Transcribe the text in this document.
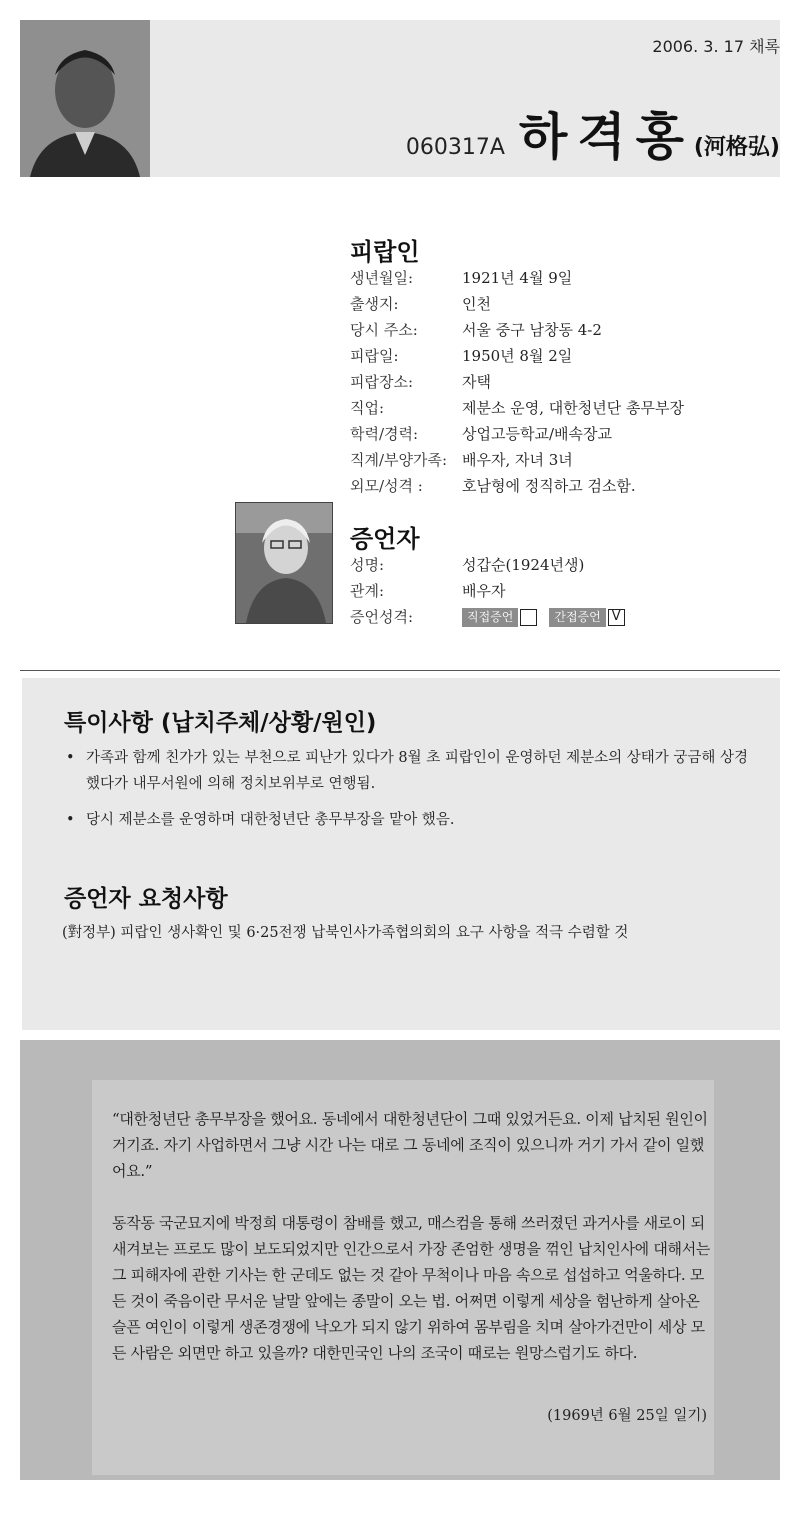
2006. 3. 17 채록
060317A 하격홍 (河格弘)
피랍인
생년월일:	1921년 4월 9일
출생지:	인천
당시 주소:	서울 중구 남창동 4-2
피랍일:	1950년 8월 2일
피랍장소:	자택
직업:	제분소 운영, 대한청년단 총무부장
학력/경력:	상업고등학교/배속장교
직계/부양가족: 배우자, 자녀 3녀
외모/성격 :	호남형에 정직하고 검소함.
증언자
성명:	성갑순(1924년생)
관계:	배우자
증언성격:	직접증언	간접증언 V
특이사항 (납치주체/상황/원인)
• 가족과 함께 친가가 있는 부천으로 피난가 있다가 8월 초 피랍인이 운영하던 제분소의 상태가 궁금해 상경했다가 내무서원에 의해 정치보위부로 연행됨.
• 당시 제분소를 운영하며 대한청년단 총무부장을 맡아 했음.
증언자 요청사항
(對정부) 피랍인 생사확인 및 6·25전쟁 납북인사가족협의회의 요구 사항을 적극 수렴할 것

“대한청년단 총무부장을 했어요. 동네에서 대한청년단이 그때 있었거든요. 이제 납치된 원인이 거기죠. 자기 사업하면서 그냥 시간 나는 대로 그 동네에 조직이 있으니까 거기 가서 같이 일했어요.”

동작동 국군묘지에 박정희 대통령이 참배를 했고, 매스컴을 통해 쓰러졌던 과거사를 새로이 되새겨보는 프로도 많이 보도되었지만 인간으로서 가장 존엄한 생명을 꺾인 납치인사에 대해서는 그 피해자에 관한 기사는 한 군데도 없는 것 같아 무척이나 마음 속으로 섭섭하고 억울하다. 모든 것이 죽음이란 무서운 날말 앞에는 종말이 오는 법. 어쩌면 이렇게 세상을 험난하게 살아온 슬픈 여인이 이렇게 생존경쟁에 낙오가 되지 않기 위하여 몸부림을 치며 살아가건만이 세상 모든 사람은 외면만 하고 있을까? 대한민국인 나의 조국이 때로는 원망스럽기도 하다.

(1969년 6월 25일 일기)
